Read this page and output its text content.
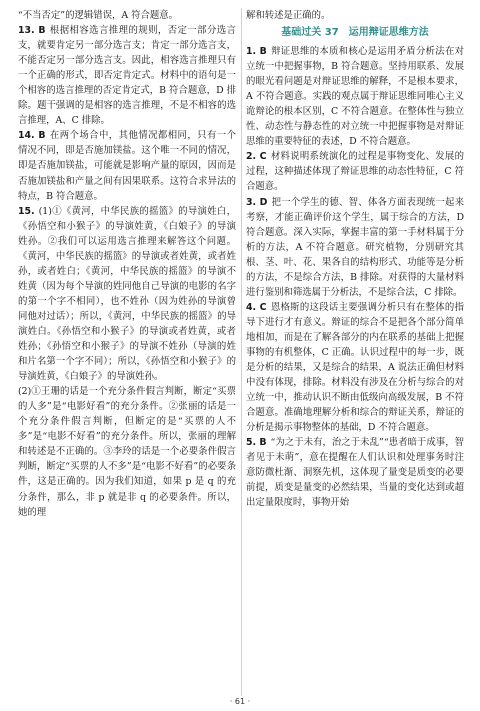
“不当否定”的逻辑错误，A 符合题意。

13. B 根据相容选言推理的规则，否定一部分选言支，就要肯定另一部分选言支；肯定一部分选言支，不能否定另一部分选言支。因此，相容选言推理只有一个正确的形式，即否定肯定式。材料中的语句是一个相容的选言推理的否定肯定式，B 符合题意，D 排除。题干强调的是相容的选言推理，不是不相容的选言推理，A、C 排除。

14. B 在两个场合中，其他情况都相同，只有一个情况不同，即是否施加镁盐。这个唯一不同的情况，即是否施加镁盐，可能就是影响产量的原因，因而是否施加镁盐和产量之间有因果联系。这符合求异法的特点，B 符合题意。

15. (1)①《黄河，中华民族的摇篮》的导演姓白，《孙悟空和小猴子》的导演姓黄，《白娘子》的导演姓孙。②我们可以运用选言推理来解答这个问题。《黄河，中华民族的摇篮》的导演或者姓黄，或者姓孙，或者姓白；《黄河，中华民族的摇篮》的导演不姓黄（因为每个导演的姓同他自己导演的电影的名字的第一个字不相同），也不姓孙（因为姓孙的导演曾同他对过话）；所以，《黄河，中华民族的摇篮》的导演姓白。《孙悟空和小猴子》的导演或者姓黄，或者姓孙；《孙悟空和小猴子》的导演不姓孙（导演的姓和片名第一个字不同）；所以，《孙悟空和小猴子》的导演姓黄，《白娘子》的导演姓孙。

(2)①王珊的话是一个充分条件假言判断，断定“买票的人多”是“电影好看”的充分条件。②张丽的话是一个充分条件假言判断，但断定的是“买票的人不多”是“电影不好看”的充分条件。所以，张丽的理解和转述是不正确的。③李玲的话是一个必要条件假言判断，断定“买票的人不多”是“电影不好看”的必要条件，这是正确的。因为我们知道，如果 p 是 q 的充分条件，那么，非 p 就是非 q 的必要条件。所以，她的理

解和转述是正确的。

基础过关 37　运用辩证思维方法

1. B 辩证思维的本质和核心是运用矛盾分析法在对立统一中把握事物，B 符合题意。坚持用联系、发展的眼光看问题是对辩证思维的解释，不是根本要求，A 不符合题意。实践的观点属于辩证思维同唯心主义诡辩论的根本区别，C 不符合题意。在整体性与独立性、动态性与静态性的对立统一中把握事物是对辩证思维的重要特征的表述，D 不符合题意。

2. C 材料说明系统演化的过程是事物变化、发展的过程，这种描述体现了辩证思维的动态性特征，C 符合题意。

3. D 把一个学生的德、智、体各方面表现统一起来考察，才能正确评价这个学生，属于综合的方法，D 符合题意。深入实际，掌握丰富的第一手材料属于分析的方法，A 不符合题意。研究植物，分别研究其根、茎、叶、花、果各自的结构形式、功能等是分析的方法，不是综合方法，B 排除。对获得的大量材料进行鉴别和筛选属于分析法，不是综合法，C 排除。

4. C 恩格斯的这段话主要强调分析只有在整体的指导下进行才有意义。辩证的综合不是把各个部分简单地相加，而是在了解各部分的内在联系的基础上把握事物的有机整体，C 正确。认识过程中的每一步，既是分析的结果，又是综合的结果，A 说法正确但材料中没有体现，排除。材料没有涉及在分析与综合的对立统一中，推动认识不断由低级向高级发展，B 不符合题意。准确地理解分析和综合的辩证关系，辩证的分析是揭示事物整体的基础，D 不符合题意。

5. B “为之于未有，治之于未乱”“患者暗于成事，智者见于未萌”，意在提醒在人们认识和处理事务时注意防微杜渐、洞察先机，这体现了量变是质变的必要前提，质变是量变的必然结果，当量的变化达到或超出定量限度时，事物开始

· 61 ·
